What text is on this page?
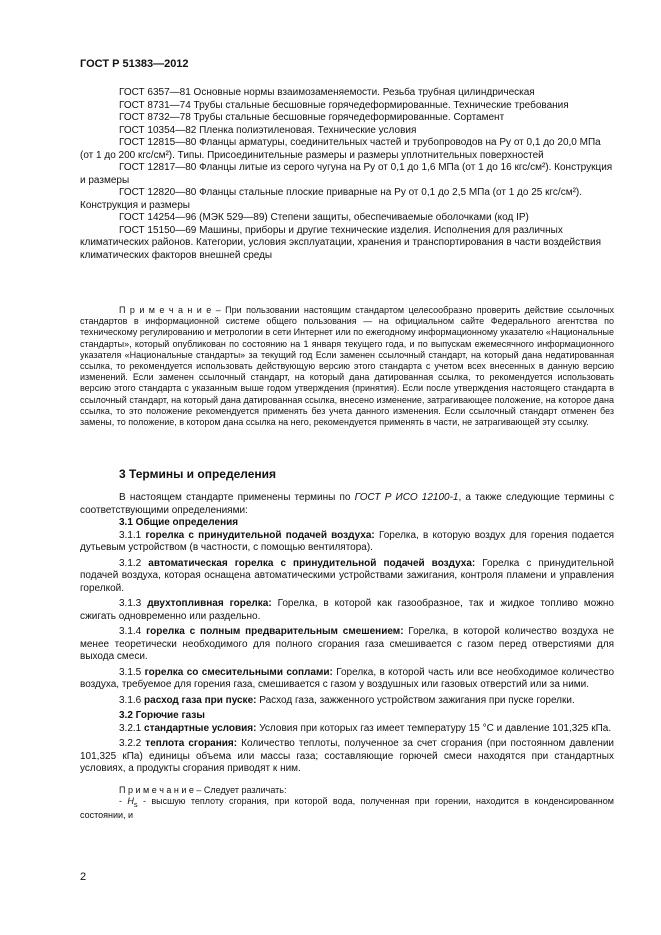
ГОСТ Р 51383—2012

ГОСТ 6357—81 Основные нормы взаимозаменяемости. Резьба трубная цилиндрическая

ГОСТ 8731—74 Трубы стальные бесшовные горячедеформированные. Технические требования

ГОСТ 8732—78 Трубы стальные бесшовные горячедеформированные. Сортамент

ГОСТ 10354—82 Пленка полиэтиленовая. Технические условия

ГОСТ 12815—80 Фланцы арматуры, соединительных частей и трубопроводов на Ру от 0,1 до 20,0 МПа (от 1 до 200 кгс/см²). Типы. Присоединительные размеры и размеры уплотнительных поверхностей

ГОСТ 12817—80 Фланцы литые из серого чугуна на Ру от 0,1 до 1,6 МПа (от 1 до 16 кгс/см²). Конструкция и размеры

ГОСТ 12820—80 Фланцы стальные плоские приварные на Ру от 0,1 до 2,5 МПа (от 1 до 25 кгс/см²). Конструкция и размеры

ГОСТ 14254—96 (МЭК 529—89) Степени защиты, обеспечиваемые оболочками (код IP)

ГОСТ 15150—69 Машины, приборы и другие технические изделия. Исполнения для различных климатических районов. Категории, условия эксплуатации, хранения и транспортирования в части воздействия климатических факторов внешней среды

П р и м е ч а н и е – При пользовании настоящим стандартом целесообразно проверить действие ссылочных стандартов в информационной системе общего пользования — на официальном сайте Федерального агентства по техническому регулированию и метрологии в сети Интернет или по ежегодному информационному указателю «Национальные стандарты», который опубликован по состоянию на 1 января текущего года, и по выпускам ежемесячного информационного указателя «Национальные стандарты» за текущий год Если заменен ссылочный стандарт, на который дана недатированная ссылка, то рекомендуется использовать действующую версию этого стандарта с учетом всех внесенных в данную версию изменений. Если заменен ссылочный стандарт, на который дана датированная ссылка, то рекомендуется использовать версию этого стандарта с указанным выше годом утверждения (принятия). Если после утверждения настоящего стандарта в ссылочный стандарт, на который дана датированная ссылка, внесено изменение, затрагивающее положение, на которое дана ссылка, то это положение рекомендуется применять без учета данного изменения. Если ссылочный стандарт отменен без замены, то положение, в котором дана ссылка на него, рекомендуется применять в части, не затрагивающей эту ссылку.

3 Термины и определения

В настоящем стандарте применены термины по ГОСТ Р ИСО 12100-1, а также следующие термины с соответствующими определениями:

3.1 Общие определения

3.1.1 горелка с принудительной подачей воздуха: Горелка, в которую воздух для горения подается дутьевым устройством (в частности, с помощью вентилятора).

3.1.2 автоматическая горелка с принудительной подачей воздуха: Горелка с принудительной подачей воздуха, которая оснащена автоматическими устройствами зажигания, контроля пламени и управления горелкой.

3.1.3 двухтопливная горелка: Горелка, в которой как газообразное, так и жидкое топливо можно сжигать одновременно или раздельно.

3.1.4 горелка с полным предварительным смешением: Горелка, в которой количество воздуха не менее теоретически необходимого для полного сгорания газа смешивается с газом перед отверстиями для выхода смеси.

3.1.5 горелка со смесительными соплами: Горелка, в которой часть или все необходимое количество воздуха, требуемое для горения газа, смешивается с газом у воздушных или газовых отверстий или за ними.

3.1.6 расход газа при пуске: Расход газа, зажженного устройством зажигания при пуске горелки.

3.2 Горючие газы

3.2.1 стандартные условия: Условия при которых газ имеет температуру 15 °С и давление 101,325 кПа.

3.2.2 теплота сгорания: Количество теплоты, полученное за счет сгорания (при постоянном давлении 101,325 кПа) единицы объема или массы газа; составляющие горючей смеси находятся при стандартных условиях, а продукты сгорания приводят к ним.

П р и м е ч а н и е – Следует различать:

- $H_s$ - высшую теплоту сгорания, при которой вода, полученная при горении, находится в конденсированном состоянии, и

2
